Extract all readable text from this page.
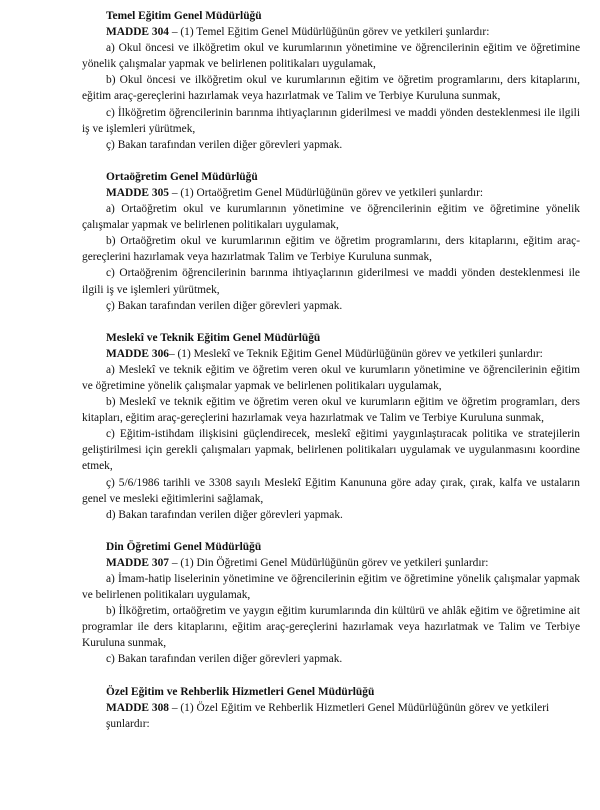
Temel Eğitim Genel Müdürlüğü

MADDE 304 – (1) Temel Eğitim Genel Müdürlüğünün görev ve yetkileri şunlardır:

a) Okul öncesi ve ilköğretim okul ve kurumlarının yönetimine ve öğrencilerinin eğitim ve öğretimine yönelik çalışmalar yapmak ve belirlenen politikaları uygulamak,

b) Okul öncesi ve ilköğretim okul ve kurumlarının eğitim ve öğretim programlarını, ders kitaplarını, eğitim araç-gereçlerini hazırlamak veya hazırlatmak ve Talim ve Terbiye Kuruluna sunmak,

c) İlköğretim öğrencilerinin barınma ihtiyaçlarının giderilmesi ve maddi yönden desteklenmesi ile ilgili iş ve işlemleri yürütmek,

ç) Bakan tarafından verilen diğer görevleri yapmak.

Ortaöğretim Genel Müdürlüğü

MADDE 305 – (1) Ortaöğretim Genel Müdürlüğünün görev ve yetkileri şunlardır:

a) Ortaöğretim okul ve kurumlarının yönetimine ve öğrencilerinin eğitim ve öğretimine yönelik çalışmalar yapmak ve belirlenen politikaları uygulamak,

b) Ortaöğretim okul ve kurumlarının eğitim ve öğretim programlarını, ders kitaplarını, eğitim araç-gereçlerini hazırlamak veya hazırlatmak Talim ve Terbiye Kuruluna sunmak,

c) Ortaöğrenim öğrencilerinin barınma ihtiyaçlarının giderilmesi ve maddi yönden desteklenmesi ile ilgili iş ve işlemleri yürütmek,

ç) Bakan tarafından verilen diğer görevleri yapmak.

Meslekî ve Teknik Eğitim Genel Müdürlüğü

MADDE 306– (1) Meslekî ve Teknik Eğitim Genel Müdürlüğünün görev ve yetkileri şunlardır:

a) Meslekî ve teknik eğitim ve öğretim veren okul ve kurumların yönetimine ve öğrencilerinin eğitim ve öğretimine yönelik çalışmalar yapmak ve belirlenen politikaları uygulamak,

b) Meslekî ve teknik eğitim ve öğretim veren okul ve kurumların eğitim ve öğretim programları, ders kitapları, eğitim araç-gereçlerini hazırlamak veya hazırlatmak ve Talim ve Terbiye Kuruluna sunmak,

c) Eğitim-istihdam ilişkisini güçlendirecek, meslekî eğitimi yaygınlaştıracak politika ve stratejilerin geliştirilmesi için gerekli çalışmaları yapmak, belirlenen politikaları uygulamak ve uygulanmasını koordine etmek,

ç) 5/6/1986 tarihli ve 3308 sayılı Meslekî Eğitim Kanununa göre aday çırak, çırak, kalfa ve ustaların genel ve mesleki eğitimlerini sağlamak,

d) Bakan tarafından verilen diğer görevleri yapmak.

Din Öğretimi Genel Müdürlüğü

MADDE 307 – (1) Din Öğretimi Genel Müdürlüğünün görev ve yetkileri şunlardır:

a) İmam-hatip liselerinin yönetimine ve öğrencilerinin eğitim ve öğretimine yönelik çalışmalar yapmak ve belirlenen politikaları uygulamak,

b) İlköğretim, ortaöğretim ve yaygın eğitim kurumlarında din kültürü ve ahlâk eğitim ve öğretimine ait programlar ile ders kitaplarını, eğitim araç-gereçlerini hazırlamak veya hazırlatmak ve Talim ve Terbiye Kuruluna sunmak,

c) Bakan tarafından verilen diğer görevleri yapmak.

Özel Eğitim ve Rehberlik Hizmetleri Genel Müdürlüğü

MADDE 308 – (1) Özel Eğitim ve Rehberlik Hizmetleri Genel Müdürlüğünün görev ve yetkileri şunlardır:
